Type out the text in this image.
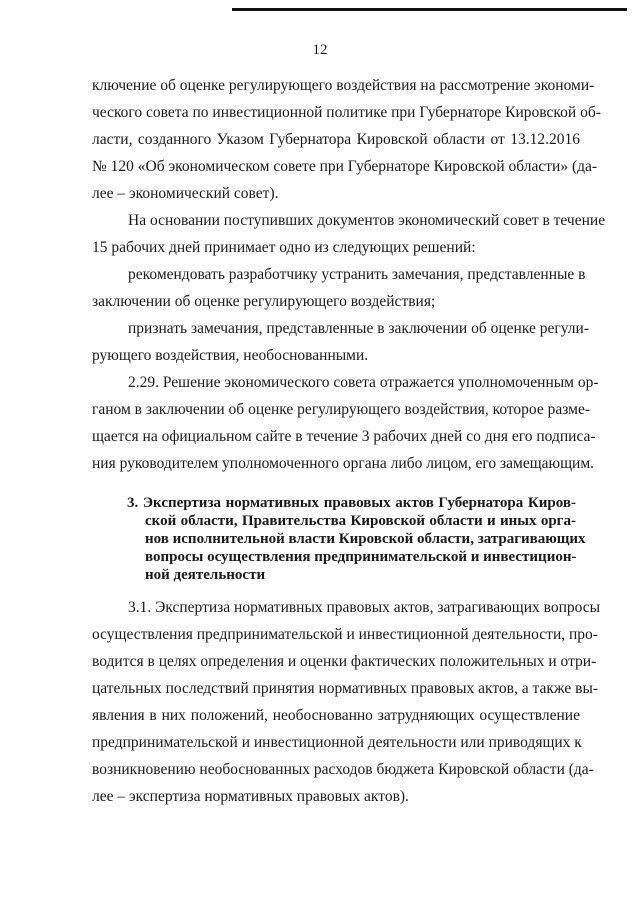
12
ключение об оценке регулирующего воздействия на рассмотрение экономи-
ческого совета по инвестиционной политике при Губернаторе Кировской об-
ласти, созданного Указом Губернатора Кировской области от 13.12.2016
№ 120 «Об экономическом совете при Губернаторе Кировской области» (да-
лее – экономический совет).
На основании поступивших документов экономический совет в течение
15 рабочих дней принимает одно из следующих решений:
рекомендовать разработчику устранить замечания, представленные в
заключении об оценке регулирующего воздействия;
признать замечания, представленные в заключении об оценке регули-
рующего воздействия, необоснованными.
2.29. Решение экономического совета отражается уполномоченным ор-
ганом в заключении об оценке регулирующего воздействия, которое разме-
щается на официальном сайте в течение 3 рабочих дней со дня его подписа-
ния руководителем уполномоченного органа либо лицом, его замещающим.
3. Экспертиза нормативных правовых актов Губернатора Киров-
ской области, Правительства Кировской области и иных орга-
нов исполнительной власти Кировской области, затрагивающих
вопросы осуществления предпринимательской и инвестицион-
ной деятельности
3.1. Экспертиза нормативных правовых актов, затрагивающих вопросы
осуществления предпринимательской и инвестиционной деятельности, про-
водится в целях определения и оценки фактических положительных и отри-
цательных последствий принятия нормативных правовых актов, а также вы-
явления в них положений, необоснованно затрудняющих осуществление
предпринимательской и инвестиционной деятельности или приводящих к
возникновению необоснованных расходов бюджета Кировской области (да-
лее – экспертиза нормативных правовых актов).
